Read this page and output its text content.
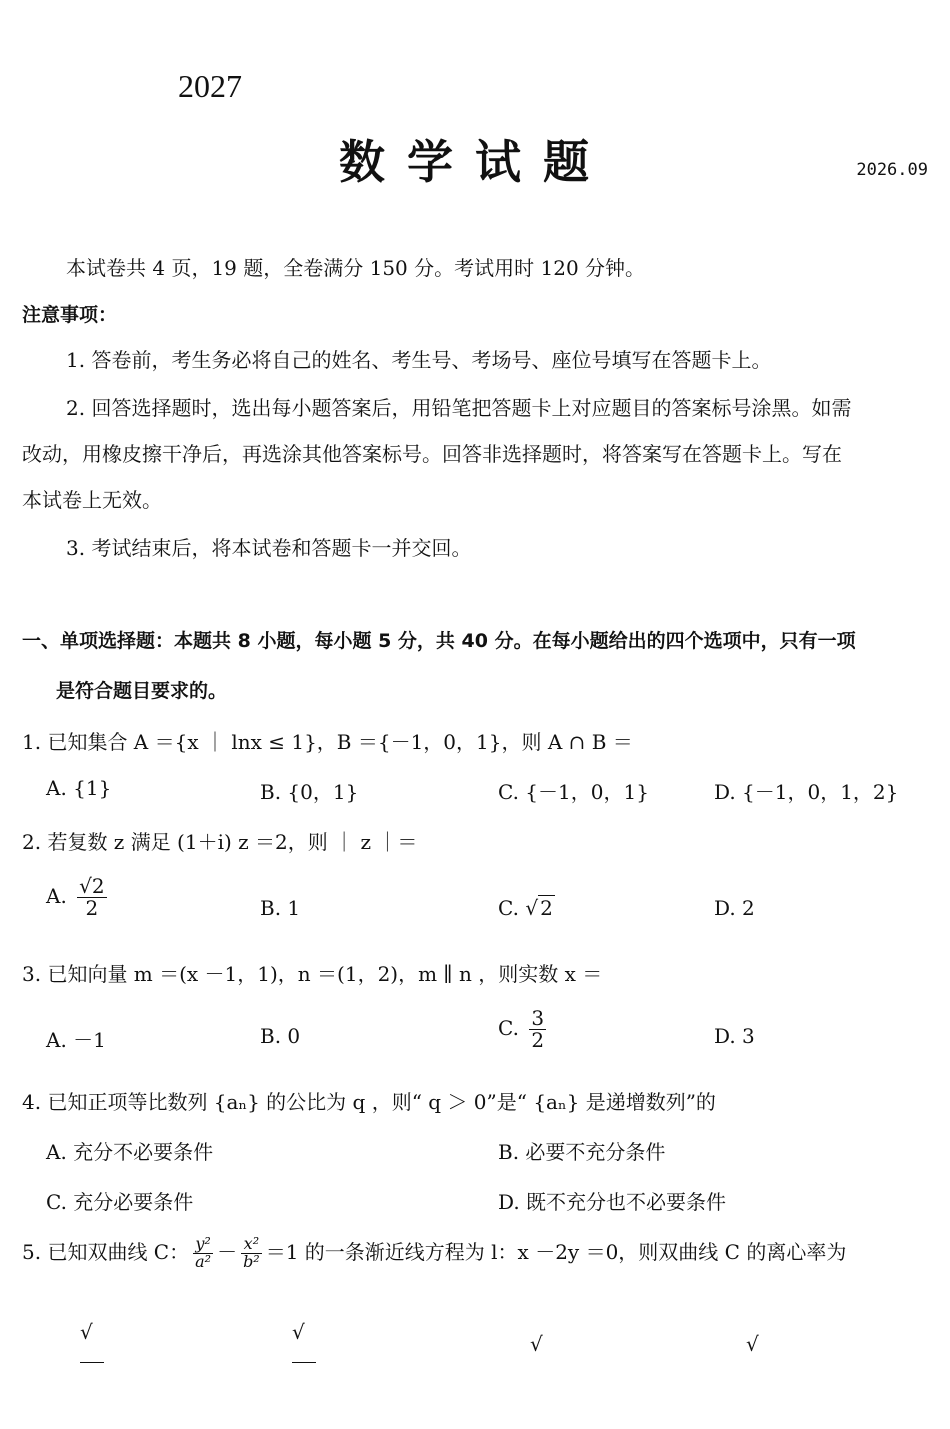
2027
数学试题	2026.09
本试卷共 4 页，19 题，全卷满分 150 分。考试用时 120 分钟。
注意事项：
1. 答卷前，考生务必将自己的姓名、考生号、考场号、座位号填写在答题卡上。
2. 回答选择题时，选出每小题答案后，用铅笔把答题卡上对应题目的答案标号涂黑。如需
改动，用橡皮擦干净后，再选涂其他答案标号。回答非选择题时，将答案写在答题卡上。写在
本试卷上无效。
3. 考试结束后，将本试卷和答题卡一并交回。
一、单项选择题：本题共 8 小题，每小题 5 分，共 40 分。在每小题给出的四个选项中，只有一项
是符合题目要求的。
1. 已知集合 A ＝{x ｜ lnx ≤ 1}，B ＝{－1，0，1}，则 A ∩ B ＝
A. {1}	B. {0，1}	C. {－1，0，1}	D. {－1，0，1，2}
2. 若复数 z 满足 (1＋i) z ＝2，则 ｜ z ｜＝
A. $\frac{√2}{2}$	B. 1	C. √ 2	D. 2
3. 已知向量 m ＝(x －1，1)，n ＝(1，2)，m ∥ n ，则实数 x ＝
A. －1	B. 0	C. $\frac{3}{2}$	D. 3
4. 已知正项等比数列 {aₙ} 的公比为 q ，则“ q ＞ 0”是“ {aₙ} 是递增数列”的
A. 充分不必要条件	B. 必要不充分条件
C. 充分必要条件	D. 既不充分也不必要条件
5. 已知双曲线 C： $\frac{\text{y²}}{\text{a²}} - \frac{\text{x²}}{\text{b²}} =1$ 的一条渐近线方程为 l：x －2y ＝0，则双曲线 C 的离心率为
√	√	√	√
